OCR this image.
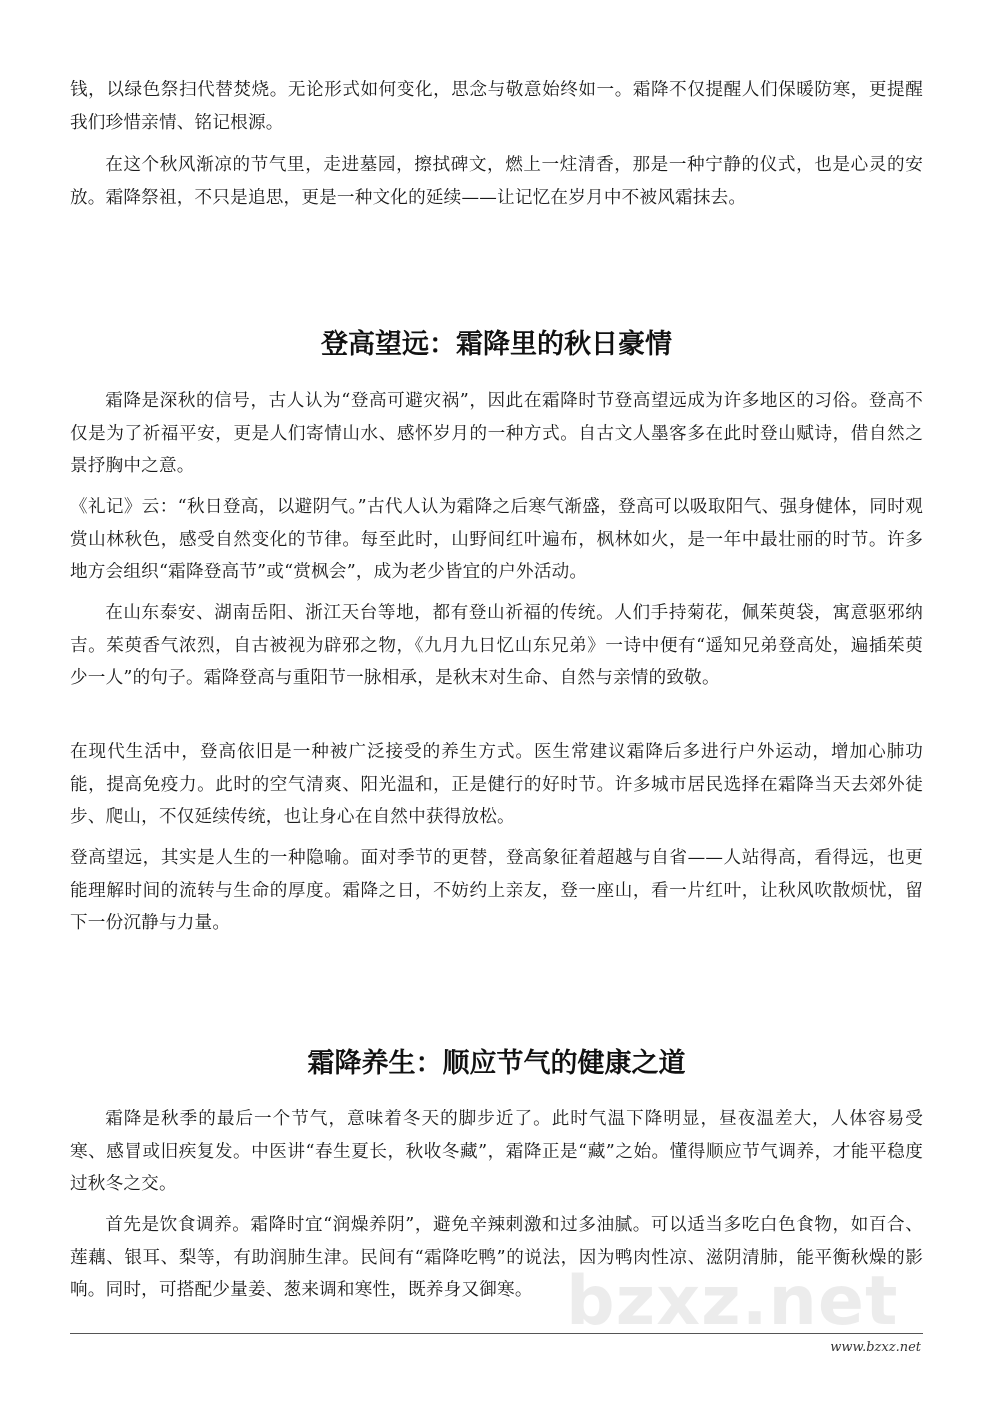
钱，以绿色祭扫代替焚烧。无论形式如何变化，思念与敬意始终如一。霜降不仅提醒人们保暖防寒，更提醒我们珍惜亲情、铭记根源。

在这个秋风渐凉的节气里，走进墓园，擦拭碑文，燃上一炷清香，那是一种宁静的仪式，也是心灵的安放。霜降祭祖，不只是追思，更是一种文化的延续——让记忆在岁月中不被风霜抹去。

登高望远：霜降里的秋日豪情

霜降是深秋的信号，古人认为“登高可避灾祸”，因此在霜降时节登高望远成为许多地区的习俗。登高不仅是为了祈福平安，更是人们寄情山水、感怀岁月的一种方式。自古文人墨客多在此时登山赋诗，借自然之景抒胸中之意。

《礼记》云：“秋日登高，以避阴气。”古代人认为霜降之后寒气渐盛，登高可以吸取阳气、强身健体，同时观赏山林秋色，感受自然变化的节律。每至此时，山野间红叶遍布，枫林如火，是一年中最壮丽的时节。许多地方会组织“霜降登高节”或“赏枫会”，成为老少皆宜的户外活动。

在山东泰安、湖南岳阳、浙江天台等地，都有登山祈福的传统。人们手持菊花，佩茱萸袋，寓意驱邪纳吉。茱萸香气浓烈，自古被视为辟邪之物，《九月九日忆山东兄弟》一诗中便有“遥知兄弟登高处，遍插茱萸少一人”的句子。霜降登高与重阳节一脉相承，是秋末对生命、自然与亲情的致敬。

在现代生活中，登高依旧是一种被广泛接受的养生方式。医生常建议霜降后多进行户外运动，增加心肺功能，提高免疫力。此时的空气清爽、阳光温和，正是健行的好时节。许多城市居民选择在霜降当天去郊外徒步、爬山，不仅延续传统，也让身心在自然中获得放松。

登高望远，其实是人生的一种隐喻。面对季节的更替，登高象征着超越与自省——人站得高，看得远，也更能理解时间的流转与生命的厚度。霜降之日，不妨约上亲友，登一座山，看一片红叶，让秋风吹散烦忧，留下一份沉静与力量。

霜降养生：顺应节气的健康之道

霜降是秋季的最后一个节气，意味着冬天的脚步近了。此时气温下降明显，昼夜温差大，人体容易受寒、感冒或旧疾复发。中医讲“春生夏长，秋收冬藏”，霜降正是“藏”之始。懂得顺应节气调养，才能平稳度过秋冬之交。

首先是饮食调养。霜降时宜“润燥养阴”，避免辛辣刺激和过多油腻。可以适当多吃白色食物，如百合、莲藕、银耳、梨等，有助润肺生津。民间有“霜降吃鸭”的说法，因为鸭肉性凉、滋阴清肺，能平衡秋燥的影响。同时，可搭配少量姜、葱来调和寒性，既养身又御寒。 bzxz.net
www.bzxz.net
